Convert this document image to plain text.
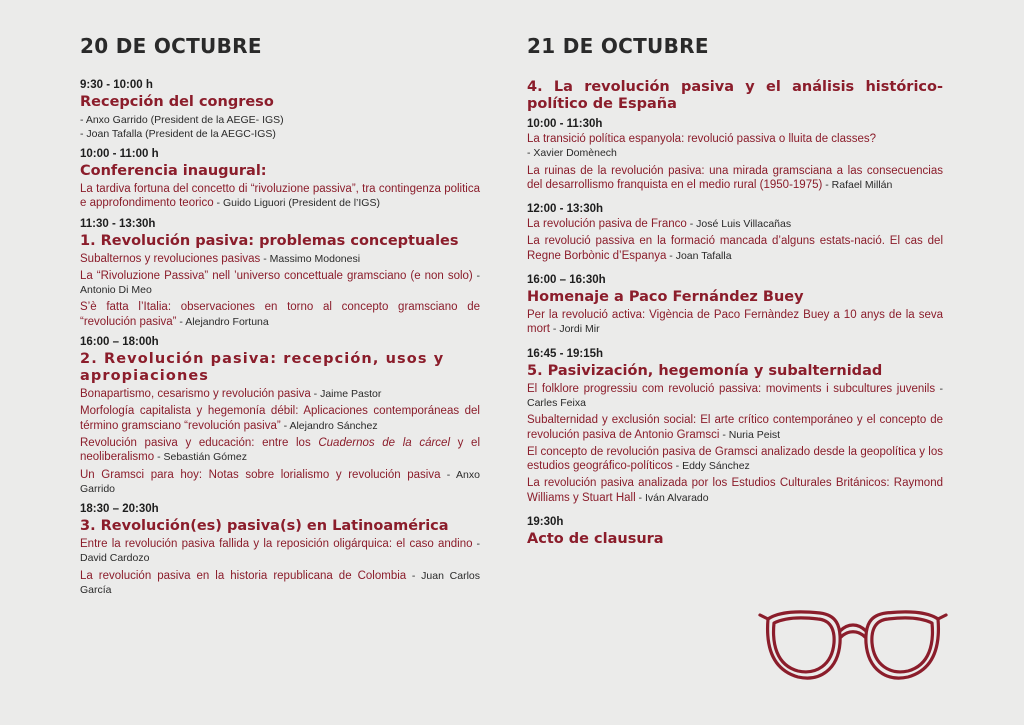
20 DE OCTUBRE

9:30 - 10:00 h

Recepción del congreso

- Anxo Garrido (President de la AEGE- IGS)

- Joan Tafalla (President de la AEGC-IGS)

10:00 - 11:00 h

Conferencia inaugural:

La tardiva fortuna del concetto di “rivoluzione passiva”, tra contingenza politica e approfondimento teorico - Guido Liguori (President de l’IGS)

11:30 - 13:30h

1. Revolución pasiva: problemas conceptuales

Subalternos y revoluciones pasivas - Massimo Modonesi

La “Rivoluzione Passiva” nell ’universo concettuale gramsciano (e non solo) - Antonio Di Meo

S’è fatta l’Italia: observaciones en torno al concepto gramsciano de “revolución pasiva” - Alejandro Fortuna

16:00 – 18:00h

2. Revolución pasiva: recepción, usos y apropiaciones

Bonapartismo, cesarismo y revolución pasiva - Jaime Pastor

Morfología capitalista y hegemonía débil: Aplicaciones contemporáneas del término gramsciano “revolución pasiva” - Alejandro Sánchez

Revolución pasiva y educación: entre los Cuadernos de la cárcel y el neoliberalismo - Sebastián Gómez

Un Gramsci para hoy: Notas sobre lorialismo y revolución pasiva - Anxo Garrido

18:30 – 20:30h

3. Revolución(es) pasiva(s) en Latinoamérica

Entre la revolución pasiva fallida y la reposición oligárquica: el caso andino - David Cardozo

La revolución pasiva en la historia republicana de Colombia - Juan Carlos García

21 DE OCTUBRE

4. La revolución pasiva y el análisis histórico-político de España

10:00 - 11:30h

La transició política espanyola: revolució passiva o lluita de classes?
- Xavier Domènech

La ruinas de la revolución pasiva: una mirada gramsciana a las consecuencias del desarrollismo franquista en el medio rural (1950-1975) - Rafael Millán

12:00 - 13:30h

La revolución pasiva de Franco - José Luis Villacañas

La revolució passiva en la formació mancada d’alguns estats-nació. El cas del Regne Borbònic d’Espanya - Joan Tafalla

16:00 – 16:30h

Homenaje a Paco Fernández Buey

Per la revolució activa: Vigència de Paco Fernàndez Buey a 10 anys de la seva mort - Jordi Mir

16:45 - 19:15h

5. Pasivización, hegemonía y subalternidad

El folklore progressiu com revolució passiva: moviments i subcultures juvenils - Carles Feixa

Subalternidad y exclusión social: El arte crítico contemporáneo y el concepto de revolución pasiva de Antonio Gramsci - Nuria Peist

El concepto de revolución pasiva de Gramsci analizado desde la geopolítica y los estudios geográfico-políticos - Eddy Sánchez

La revolución pasiva analizada por los Estudios Culturales Británicos: Raymond Williams y Stuart Hall - Iván Alvarado

19:30h

Acto de clausura
